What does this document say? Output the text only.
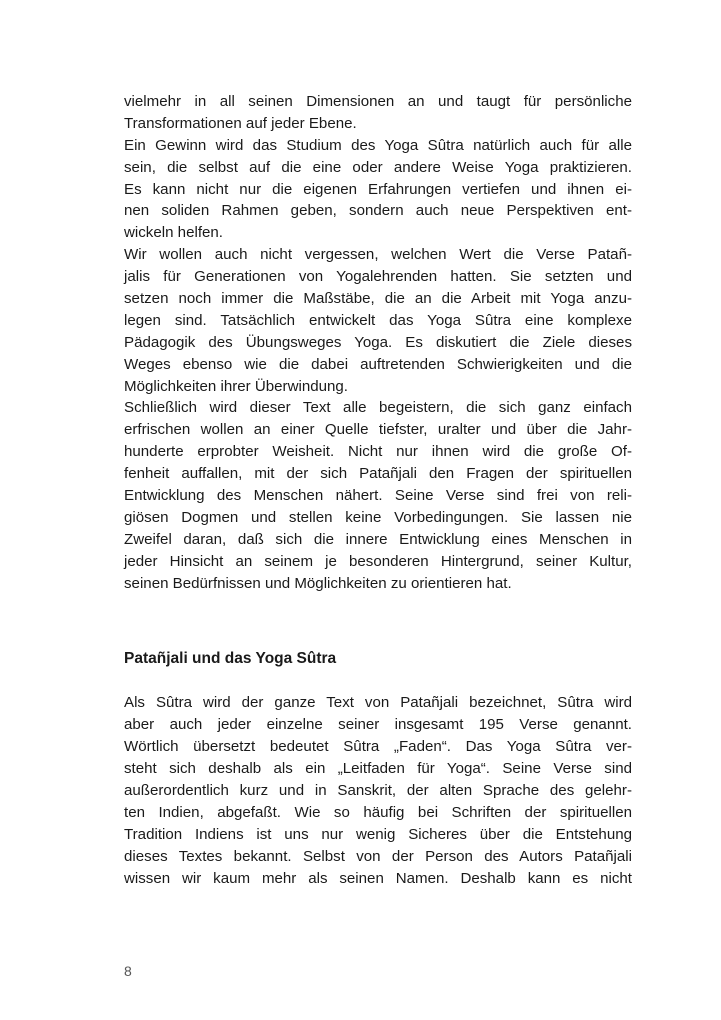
vielmehr in all seinen Dimensionen an und taugt für persönliche
Transformationen auf jeder Ebene.
Ein Gewinn wird das Studium des Yoga Sûtra natürlich auch für alle
sein, die selbst auf die eine oder andere Weise Yoga praktizieren.
Es kann nicht nur die eigenen Erfahrungen vertiefen und ihnen ei-
nen soliden Rahmen geben, sondern auch neue Perspektiven ent-
wickeln helfen.
Wir wollen auch nicht vergessen, welchen Wert die Verse Patañ-
jalis für Generationen von Yogalehrenden hatten. Sie setzten und
setzen noch immer die Maßstäbe, die an die Arbeit mit Yoga anzu-
legen sind. Tatsächlich entwickelt das Yoga Sûtra eine komplexe
Pädagogik des Übungsweges Yoga. Es diskutiert die Ziele dieses
Weges ebenso wie die dabei auftretenden Schwierigkeiten und die
Möglichkeiten ihrer Überwindung.
Schließlich wird dieser Text alle begeistern, die sich ganz einfach
erfrischen wollen an einer Quelle tiefster, uralter und über die Jahr-
hunderte erprobter Weisheit. Nicht nur ihnen wird die große Of-
fenheit auffallen, mit der sich Patañjali den Fragen der spirituellen
Entwicklung des Menschen nähert. Seine Verse sind frei von reli-
giösen Dogmen und stellen keine Vorbedingungen. Sie lassen nie
Zweifel daran, daß sich die innere Entwicklung eines Menschen in
jeder Hinsicht an seinem je besonderen Hintergrund, seiner Kultur,
seinen Bedürfnissen und Möglichkeiten zu orientieren hat.
Patañjali und das Yoga Sûtra
Als Sûtra wird der ganze Text von Patañjali bezeichnet, Sûtra wird
aber auch jeder einzelne seiner insgesamt 195 Verse genannt.
Wörtlich übersetzt bedeutet Sûtra „Faden“. Das Yoga Sûtra ver-
steht sich deshalb als ein „Leitfaden für Yoga“. Seine Verse sind
außerordentlich kurz und in Sanskrit, der alten Sprache des gelehr-
ten Indien, abgefaßt. Wie so häufig bei Schriften der spirituellen
Tradition Indiens ist uns nur wenig Sicheres über die Entstehung
dieses Textes bekannt. Selbst von der Person des Autors Patañjali
wissen wir kaum mehr als seinen Namen. Deshalb kann es nicht
8
